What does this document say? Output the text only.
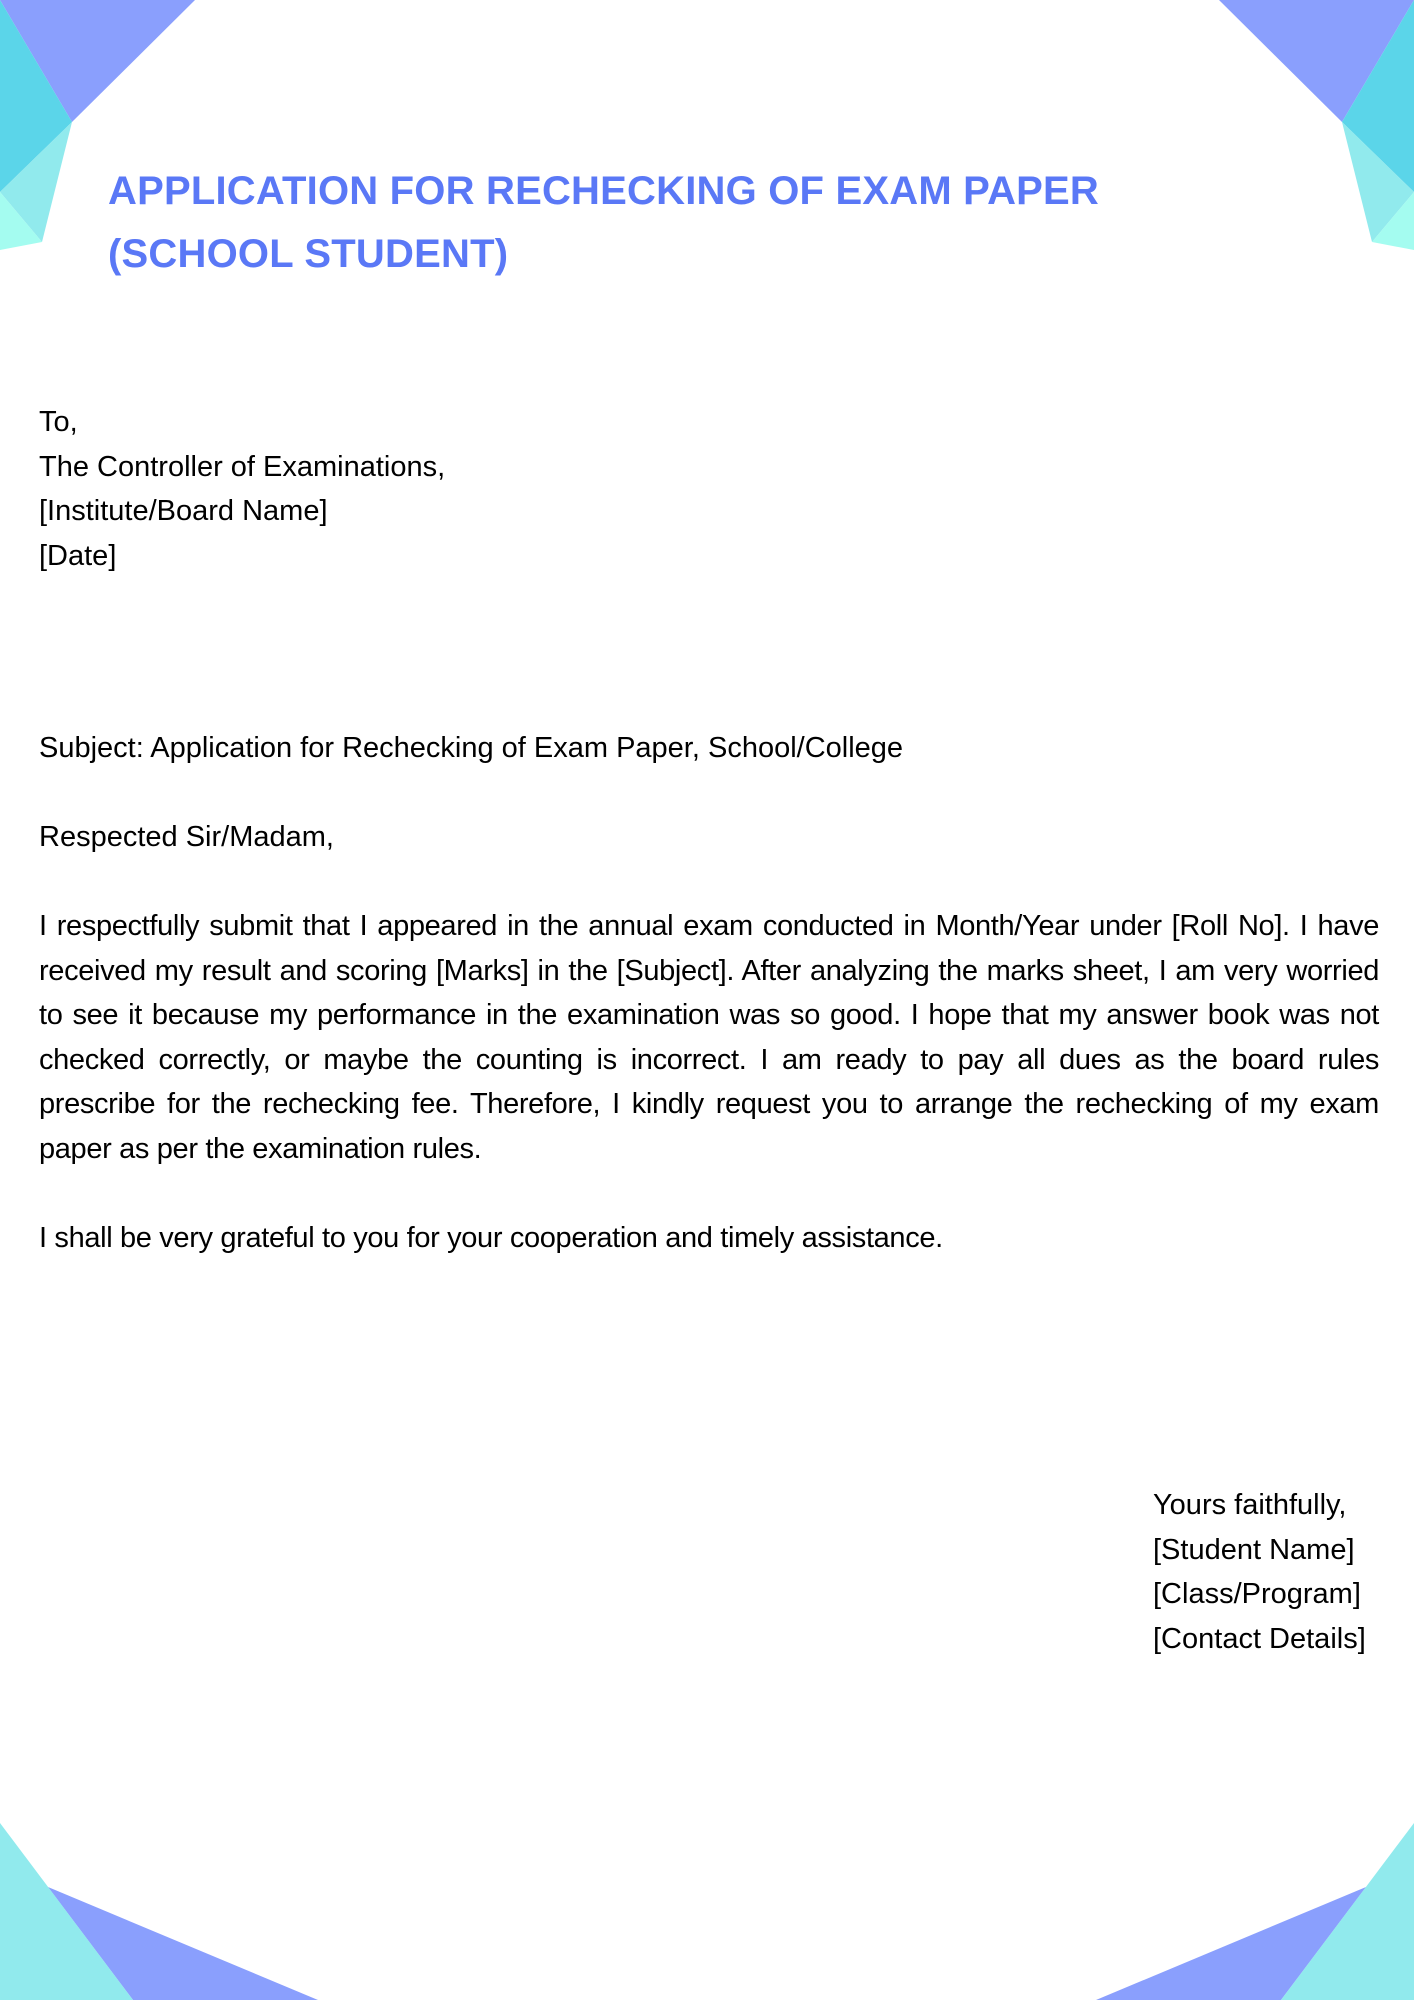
APPLICATION FOR RECHECKING OF EXAM PAPER
(SCHOOL STUDENT)
To,
The Controller of Examinations,
[Institute/Board Name]
[Date]
Subject: Application for Rechecking of Exam Paper, School/College
Respected Sir/Madam,

I respectfully submit that I appeared in the annual exam conducted in Month/Year under [Roll No]. I have received my result and scoring [Marks] in the [Subject]. After analyzing the marks sheet, I am very worried to see it because my performance in the examination was so good. I hope that my answer book was not checked correctly, or maybe the counting is incorrect. I am ready to pay all dues as the board rules prescribe for the rechecking fee. Therefore, I kindly request you to arrange the rechecking of my exam paper as per the examination rules.

I shall be very grateful to you for your cooperation and timely assistance.
Yours faithfully,
[Student Name]
[Class/Program]
[Contact Details]
